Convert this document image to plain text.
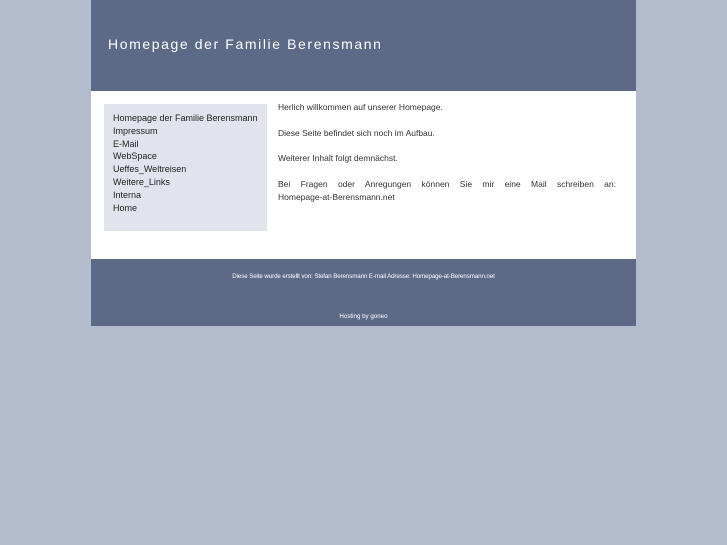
Homepage der Familie Berensmann
Homepage der Familie Berensmann
Impressum
E-Mail
WebSpace
Ueffes_Weltreisen
Weitere_Links
Interna
Home

Herlich willkommen auf unserer Homepage.

Diese Seite befindet sich noch im Aufbau.

Weiterer Inhalt folgt demnächst.

Bei Fragen oder Anregungen können Sie mir eine Mail schreiben an:

Homepage-at-Berensmann.net

Diese Seite wurde erstellt von: Stefan Berensmann E-mail Adresse: Homepage-at-Berensmann.net
Hosting by goneo
